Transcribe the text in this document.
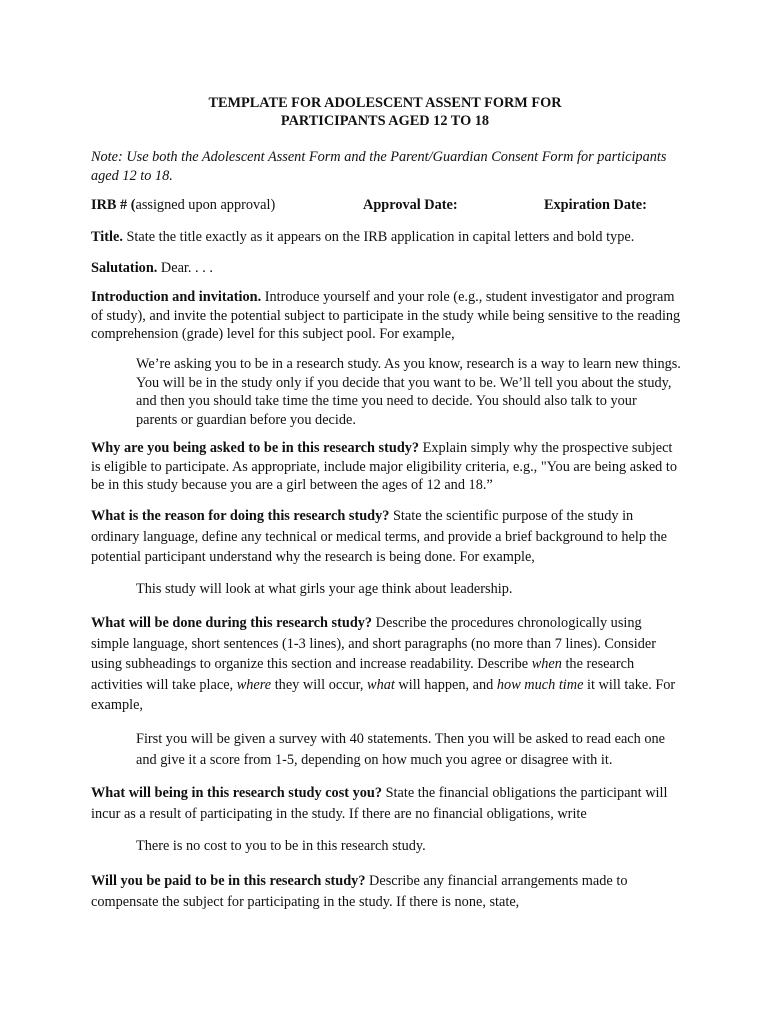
TEMPLATE FOR ADOLESCENT ASSENT FORM FOR
PARTICIPANTS AGED 12 TO 18

Note: Use both the Adolescent Assent Form and the Parent/Guardian Consent Form for participants aged 12 to 18.

IRB # (assigned upon approval)	Approval Date:	Expiration Date:

Title. State the title exactly as it appears on the IRB application in capital letters and bold type.

Salutation. Dear. . . .

Introduction and invitation. Introduce yourself and your role (e.g., student investigator and program of study), and invite the potential subject to participate in the study while being sensitive to the reading comprehension (grade) level for this subject pool. For example,

We’re asking you to be in a research study. As you know, research is a way to learn new things. You will be in the study only if you decide that you want to be. We’ll tell you about the study, and then you should take time the time you need to decide. You should also talk to your parents or guardian before you decide.

Why are you being asked to be in this research study? Explain simply why the prospective subject is eligible to participate. As appropriate, include major eligibility criteria, e.g., "You are being asked to be in this study because you are a girl between the ages of 12 and 18.”

What is the reason for doing this research study? State the scientific purpose of the study in ordinary language, define any technical or medical terms, and provide a brief background to help the potential participant understand why the research is being done. For example,

This study will look at what girls your age think about leadership.

What will be done during this research study? Describe the procedures chronologically using simple language, short sentences (1-3 lines), and short paragraphs (no more than 7 lines). Consider using subheadings to organize this section and increase readability. Describe when the research activities will take place, where they will occur, what will happen, and how much time it will take. For example,

First you will be given a survey with 40 statements. Then you will be asked to read each one and give it a score from 1-5, depending on how much you agree or disagree with it.

What will being in this research study cost you? State the financial obligations the participant will incur as a result of participating in the study. If there are no financial obligations, write

There is no cost to you to be in this research study.

Will you be paid to be in this research study? Describe any financial arrangements made to compensate the subject for participating in the study. If there is none, state,
